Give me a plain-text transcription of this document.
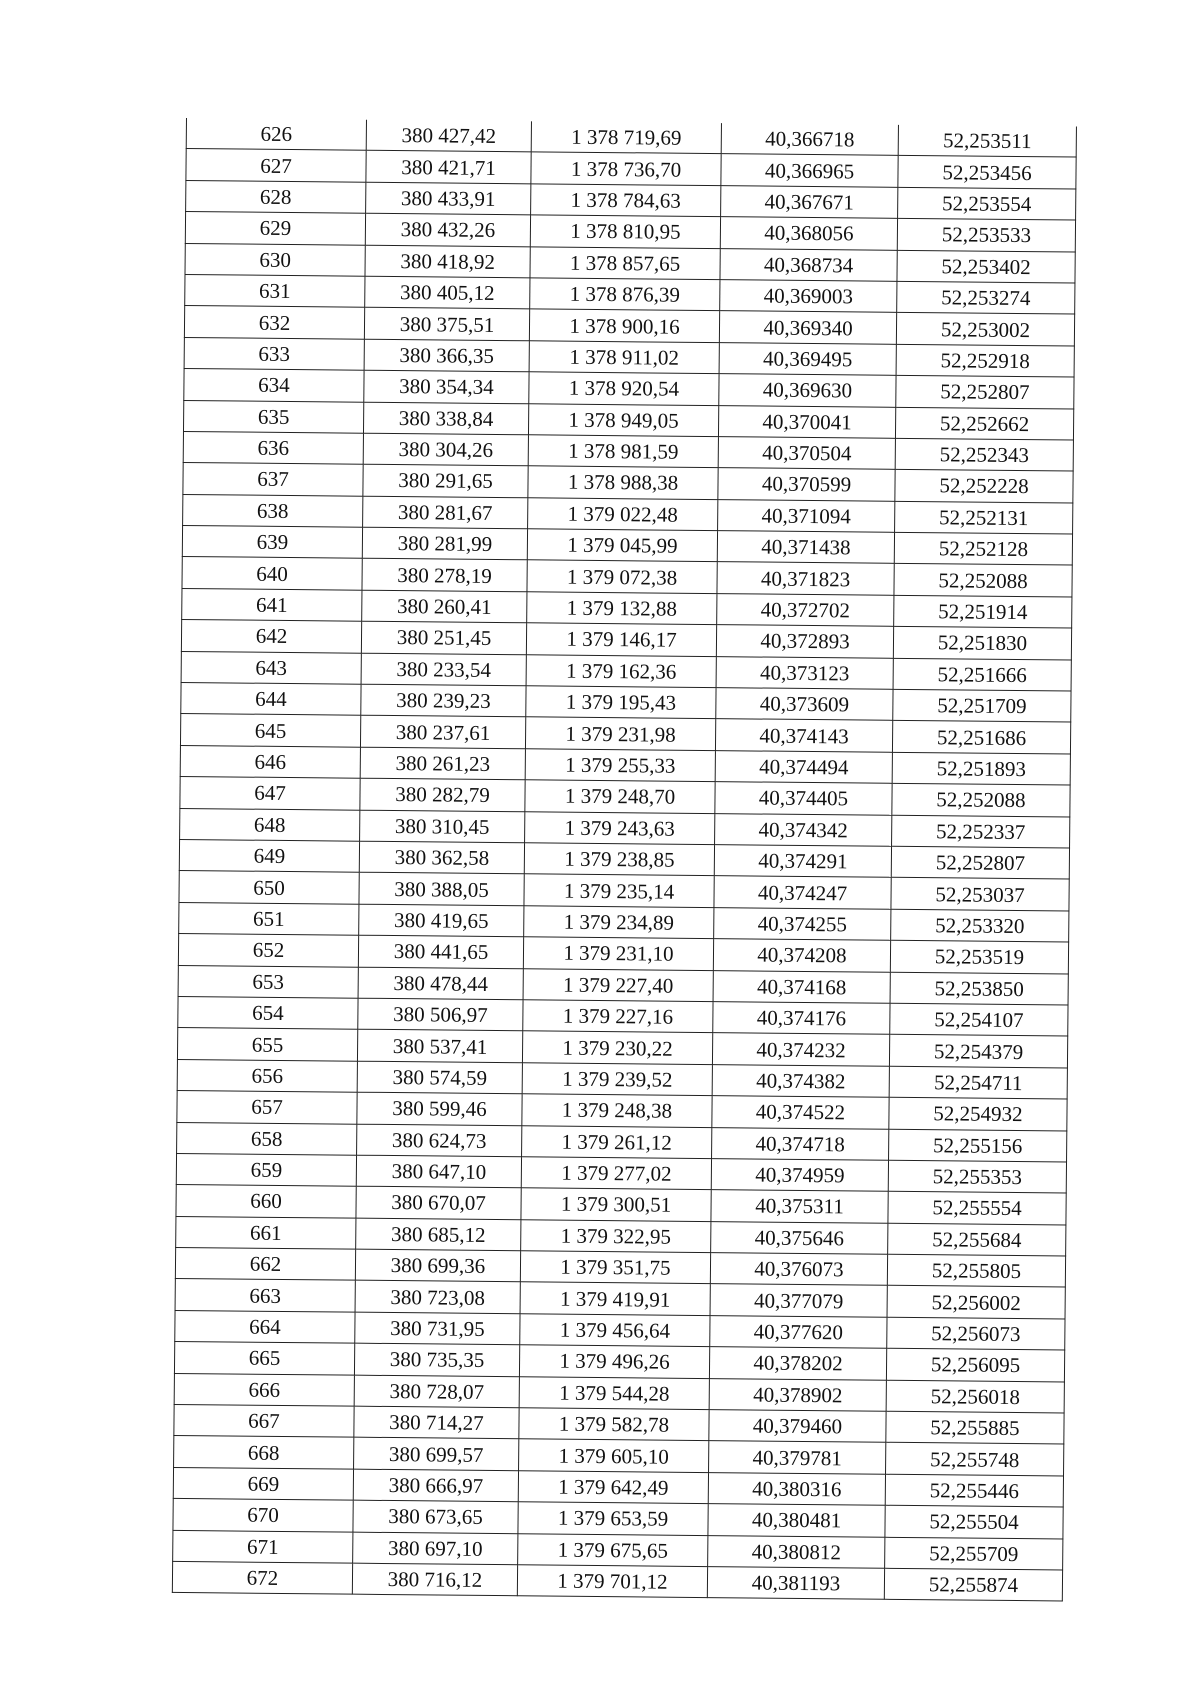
626	380 427,42	1 378 719,69	40,366718	52,253511
627	380 421,71	1 378 736,70	40,366965	52,253456
628	380 433,91	1 378 784,63	40,367671	52,253554
629	380 432,26	1 378 810,95	40,368056	52,253533
630	380 418,92	1 378 857,65	40,368734	52,253402
631	380 405,12	1 378 876,39	40,369003	52,253274
632	380 375,51	1 378 900,16	40,369340	52,253002
633	380 366,35	1 378 911,02	40,369495	52,252918
634	380 354,34	1 378 920,54	40,369630	52,252807
635	380 338,84	1 378 949,05	40,370041	52,252662
636	380 304,26	1 378 981,59	40,370504	52,252343
637	380 291,65	1 378 988,38	40,370599	52,252228
638	380 281,67	1 379 022,48	40,371094	52,252131
639	380 281,99	1 379 045,99	40,371438	52,252128
640	380 278,19	1 379 072,38	40,371823	52,252088
641	380 260,41	1 379 132,88	40,372702	52,251914
642	380 251,45	1 379 146,17	40,372893	52,251830
643	380 233,54	1 379 162,36	40,373123	52,251666
644	380 239,23	1 379 195,43	40,373609	52,251709
645	380 237,61	1 379 231,98	40,374143	52,251686
646	380 261,23	1 379 255,33	40,374494	52,251893
647	380 282,79	1 379 248,70	40,374405	52,252088
648	380 310,45	1 379 243,63	40,374342	52,252337
649	380 362,58	1 379 238,85	40,374291	52,252807
650	380 388,05	1 379 235,14	40,374247	52,253037
651	380 419,65	1 379 234,89	40,374255	52,253320
652	380 441,65	1 379 231,10	40,374208	52,253519
653	380 478,44	1 379 227,40	40,374168	52,253850
654	380 506,97	1 379 227,16	40,374176	52,254107
655	380 537,41	1 379 230,22	40,374232	52,254379
656	380 574,59	1 379 239,52	40,374382	52,254711
657	380 599,46	1 379 248,38	40,374522	52,254932
658	380 624,73	1 379 261,12	40,374718	52,255156
659	380 647,10	1 379 277,02	40,374959	52,255353
660	380 670,07	1 379 300,51	40,375311	52,255554
661	380 685,12	1 379 322,95	40,375646	52,255684
662	380 699,36	1 379 351,75	40,376073	52,255805
663	380 723,08	1 379 419,91	40,377079	52,256002
664	380 731,95	1 379 456,64	40,377620	52,256073
665	380 735,35	1 379 496,26	40,378202	52,256095
666	380 728,07	1 379 544,28	40,378902	52,256018
667	380 714,27	1 379 582,78	40,379460	52,255885
668	380 699,57	1 379 605,10	40,379781	52,255748
669	380 666,97	1 379 642,49	40,380316	52,255446
670	380 673,65	1 379 653,59	40,380481	52,255504
671	380 697,10	1 379 675,65	40,380812	52,255709
672	380 716,12	1 379 701,12	40,381193	52,255874
